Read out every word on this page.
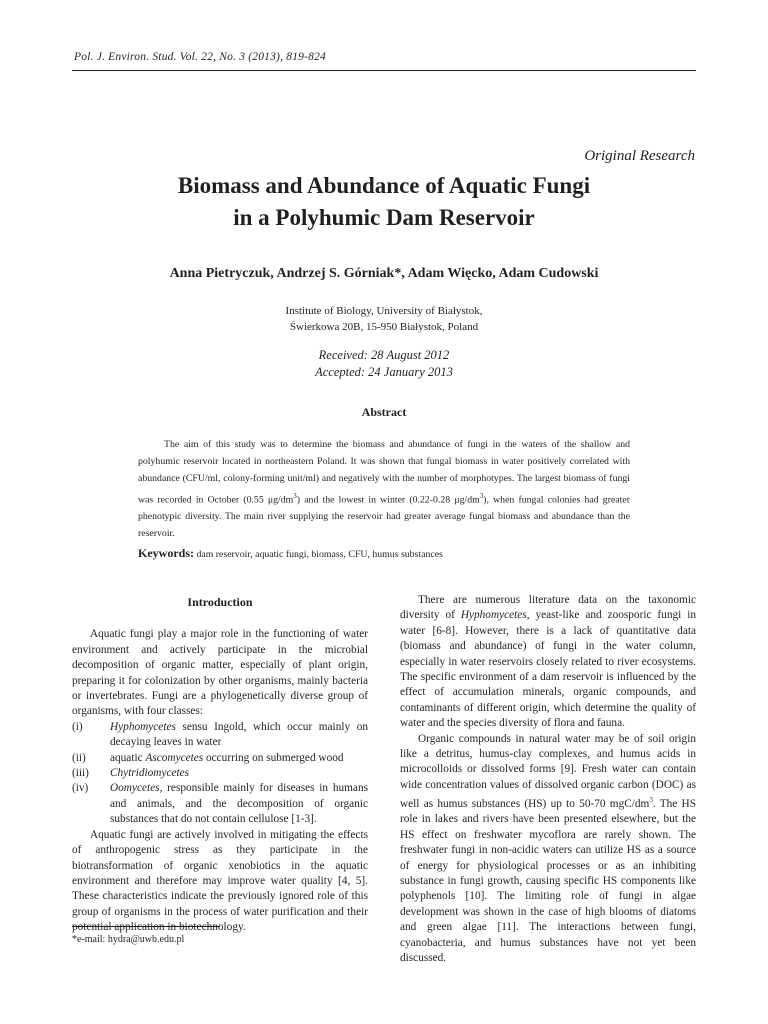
Pol. J. Environ. Stud. Vol. 22, No. 3 (2013), 819-824
Original Research
Biomass and Abundance of Aquatic Fungi
in a Polyhumic Dam Reservoir
Anna Pietryczuk, Andrzej S. Górniak*, Adam Więcko, Adam Cudowski
Institute of Biology, University of Białystok,
Świerkowa 20B, 15-950 Białystok, Poland
Received: 28 August 2012
Accepted: 24 January 2013
Abstract
The aim of this study was to determine the biomass and abundance of fungi in the waters of the shallow and polyhumic reservoir located in northeastern Poland. It was shown that fungal biomass in water positively correlated with abundance (CFU/ml, colony-forming unit/ml) and negatively with the number of morphotypes. The largest biomass of fungi was recorded in October (0.55 $\mu g/dm^3$) and the lowest in winter (0.22-0.28 $\mu g/dm^3$), when fungal colonies had greater phenotypic diversity. The main river supplying the reservoir had greater average fungal biomass and abundance than the reservoir.
Keywords: dam reservoir, aquatic fungi, biomass, CFU, humus substances
Introduction

Aquatic fungi play a major role in the functioning of water environment and actively participate in the microbial decomposition of organic matter, especially of plant origin, preparing it for colonization by other organisms, mainly bacteria or invertebrates. Fungi are a phylogenetically diverse group of organisms, with four classes:

(i)	Hyphomycetes sensu Ingold, which occur mainly on decaying leaves in water
(ii)	aquatic Ascomycetes occurring on submerged wood
(iii)	Chytridiomycetes
(iv)	Oomycetes, responsible mainly for diseases in humans and animals, and the decomposition of organic substances that do not contain cellulose [1-3].

Aquatic fungi are actively involved in mitigating the effects of anthropogenic stress as they participate in the biotransformation of organic xenobiotics in the aquatic environment and therefore may improve water quality [4, 5]. These characteristics indicate the previously ignored role of this group of organisms in the process of water purification and their potential application in biotechnology.

*e-mail: hydra@uwb.edu.pl

There are numerous literature data on the taxonomic diversity of Hyphomycetes, yeast-like and zoosporic fungi in water [6-8]. However, there is a lack of quantitative data (biomass and abundance) of fungi in the water column, especially in water reservoirs closely related to river ecosystems. The specific environment of a dam reservoir is influenced by the effect of accumulation minerals, organic compounds, and contaminants of different origin, which determine the quality of water and the species diversity of flora and fauna.

Organic compounds in natural water may be of soil origin like a detritus, humus-clay complexes, and humus acids in microcolloids or dissolved forms [9]. Fresh water can contain wide concentration values of dissolved organic carbon (DOC) as well as humus substances (HS) up to 50-70 mgC/$dm^3$. The HS role in lakes and rivers have been presented elsewhere, but the HS effect on freshwater mycoflora are rarely shown. The freshwater fungi in non-acidic waters can utilize HS as a source of energy for physiological processes or as an inhibiting substance in fungi growth, causing specific HS components like polyphenols [10]. The limiting role of fungi in algae development was shown in the case of high blooms of diatoms and green algae [11]. The interactions between fungi, cyanobacteria, and humus substances have not yet been discussed.
